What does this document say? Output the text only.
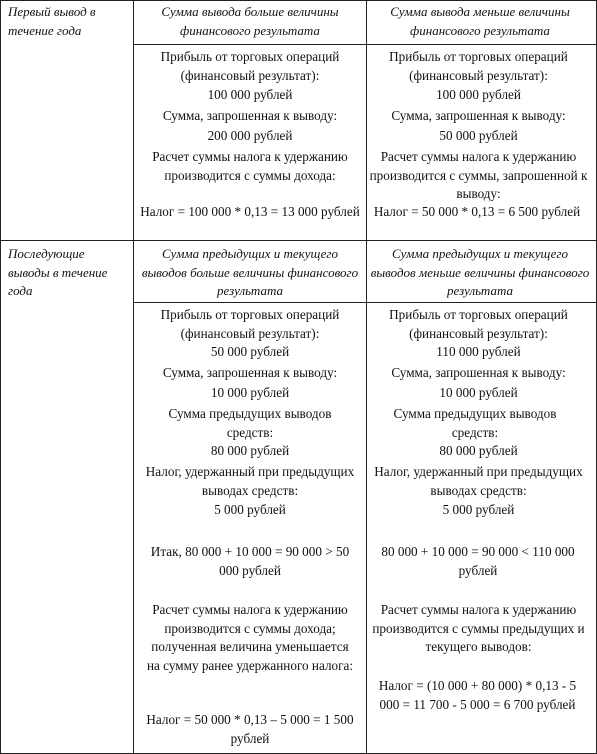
Первый вывод в течение года
Сумма вывода больше величины финансового результата
Сумма вывода меньше величины финансового результата

Прибыль от торговых операций (финансовый результат):

100 000 рублей

Сумма, запрошенная к выводу:

200 000 рублей

Расчет суммы налога к удержанию производится с суммы дохода:

Налог = 100 000 * 0,13 = 13 000 рублей

Прибыль от торговых операций (финансовый результат):

100 000 рублей

Сумма, запрошенная к выводу:

50 000 рублей

Расчет суммы налога к удержанию производится с суммы, запрошенной к выводу:

Налог = 50 000 * 0,13 = 6 500 рублей

Последующие выводы в течение года
Сумма предыдущих и текущего выводов больше величины финансового результата
Сумма предыдущих и текущего выводов меньше величины финансового результата

Прибыль от торговых операций (финансовый результат):

50 000 рублей

Сумма, запрошенная к выводу:

10 000 рублей

Сумма предыдущих выводов средств:

80 000 рублей

Налог, удержанный при предыдущих выводах средств:

5 000 рублей

Итак, 80 000 + 10 000 = 90 000 > 50 000 рублей

Расчет суммы налога к удержанию производится с суммы дохода; полученная величина уменьшается на сумму ранее удержанного налога:

Налог = 50 000 * 0,13 – 5 000 = 1 500 рублей

Прибыль от торговых операций (финансовый результат):

110 000 рублей

Сумма, запрошенная к выводу:

10 000 рублей

Сумма предыдущих выводов средств:

80 000 рублей

Налог, удержанный при предыдущих выводах средств:

5 000 рублей

80 000 + 10 000 = 90 000 < 110 000 рублей

Расчет суммы налога к удержанию производится с суммы предыдущих и текущего выводов:

Налог = (10 000 + 80 000) * 0,13 - 5 000 = 11 700 - 5 000 = 6 700 рублей
